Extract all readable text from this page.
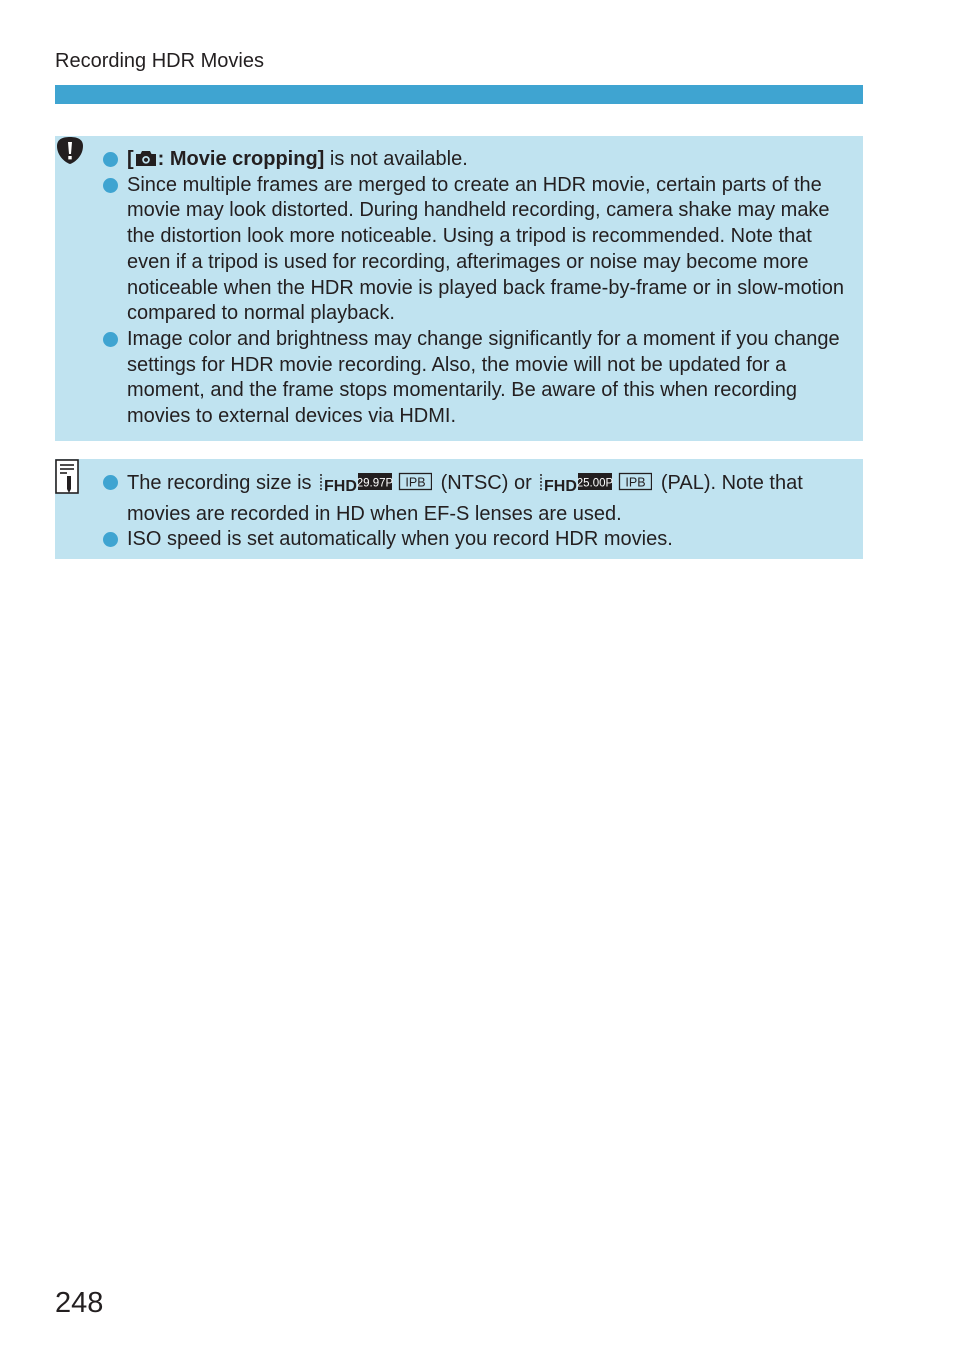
Recording HDR Movies
[ : Movie cropping] is not available.
Since multiple frames are merged to create an HDR movie, certain parts of the movie may look distorted. During handheld recording, camera shake may make the distortion look more noticeable. Using a tripod is recommended. Note that even if a tripod is used for recording, afterimages or noise may become more noticeable when the HDR movie is played back frame-by-frame or in slow-motion compared to normal playback.
Image color and brightness may change significantly for a moment if you change settings for HDR movie recording. Also, the movie will not be updated for a moment, and the frame stops momentarily. Be aware of this when recording movies to external devices via HDMI.
The recording size is FHD 29.97P IPB (NTSC) or FHD 25.00P IPB (PAL). Note that movies are recorded in HD when EF-S lenses are used.
ISO speed is set automatically when you record HDR movies.
248
